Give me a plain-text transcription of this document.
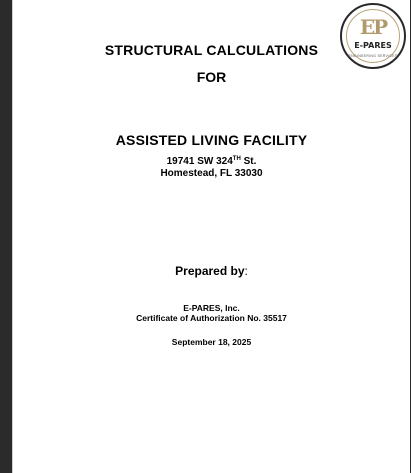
EP
E-PARES
ENGINEERING SERVICES
STRUCTURAL CALCULATIONS
FOR
ASSISTED LIVING FACILITY
19741 SW 324TH St.
Homestead, FL 33030
Prepared by:
E-PARES, Inc.
Certificate of Authorization No. 35517
September 18, 2025
